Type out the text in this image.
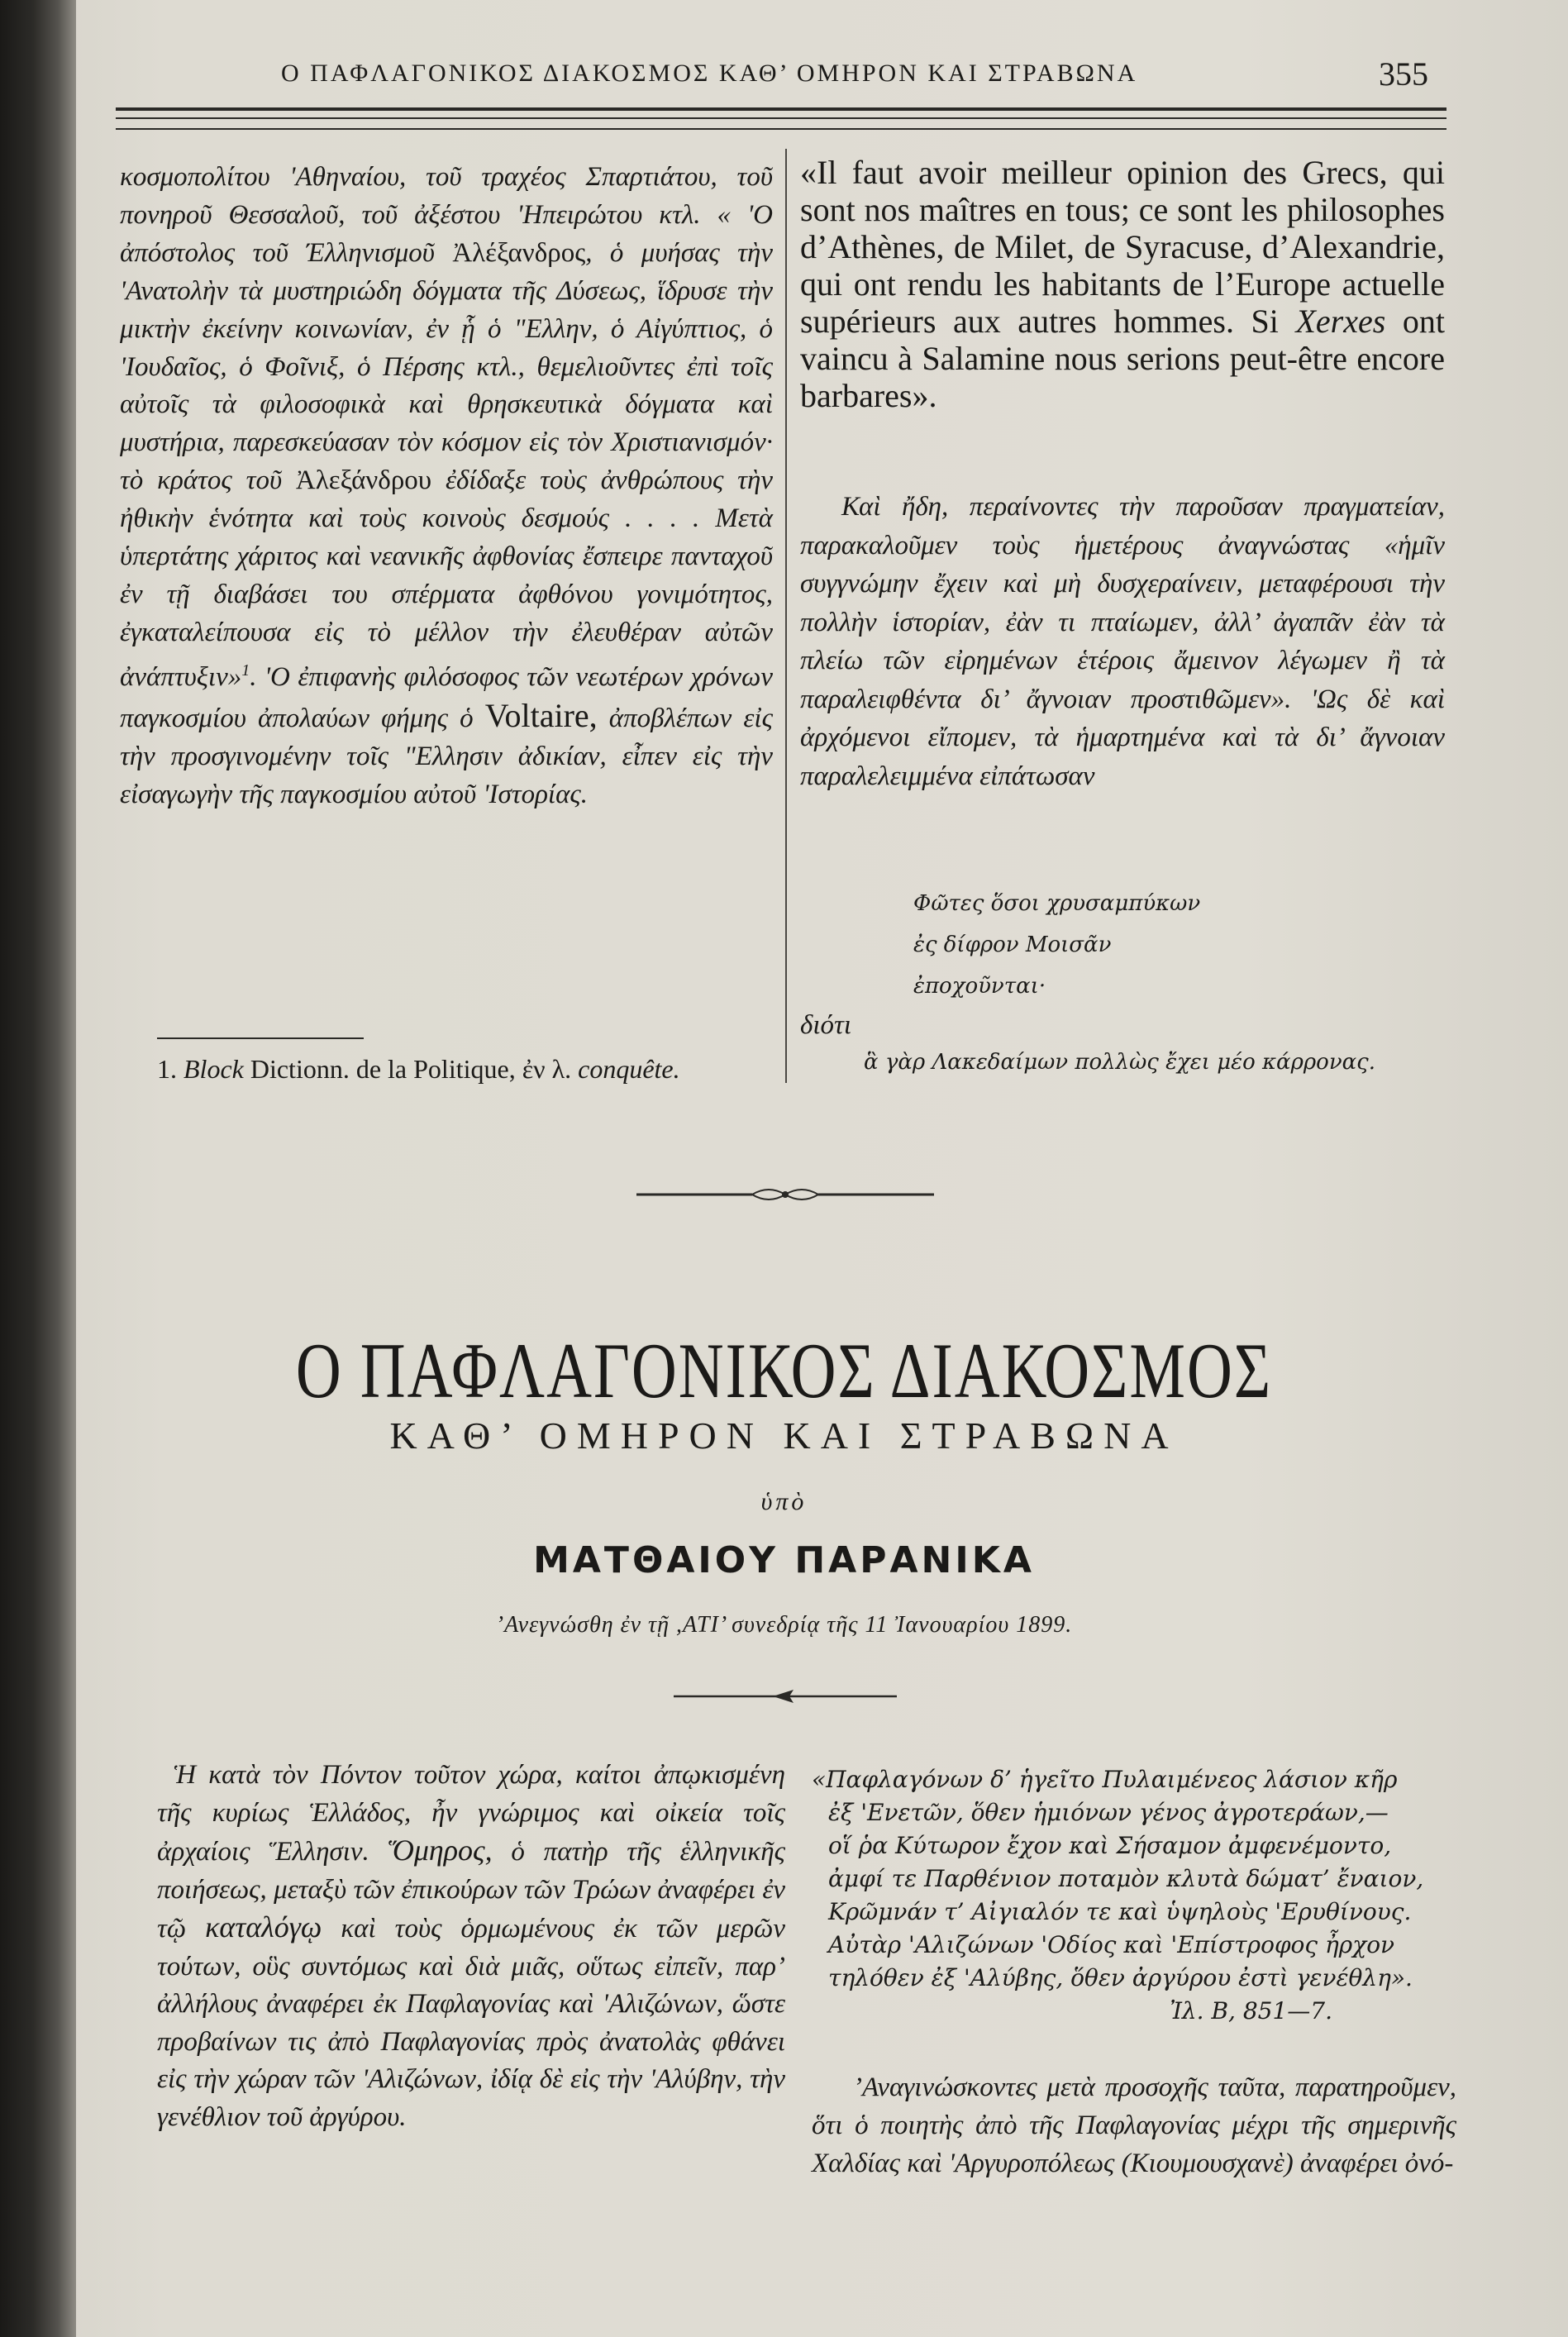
Ο ΠΑΦΛΑΓΟΝΙΚΟΣ ΔΙΑΚΟΣΜΟΣ ΚΑΘ’ ΟΜΗΡΟΝ ΚΑΙ ΣΤΡΑΒΩΝΑ	355

κοσμοπολίτου 'Αθηναίου, τοῦ τραχέος Σπαρτιάτου, τοῦ πονηροῦ Θεσσαλοῦ, τοῦ ἀξέστου 'Ηπειρώτου κτλ. « 'Ο ἀπόστολος τοῦ Έλληνισμοῦ Ἀλέξανδρος, ὁ μυήσας τὴν 'Ανατολὴν τὰ μυστηριώδη δόγματα τῆς Δύσεως, ἵδρυσε τὴν μικτὴν ἐκείνην κοινωνίαν, ἐν ᾗ ὁ "Ελλην, ὁ Αἰγύπτιος, ὁ 'Ιουδαῖος, ὁ Φοῖνιξ, ὁ Πέρσης κτλ., θεμελιοῦντες ἐπὶ τοῖς αὐτοῖς τὰ φιλοσοφικὰ καὶ θρησκευτικὰ δόγματα καὶ μυστήρια, παρεσκεύασαν τὸν κόσμον εἰς τὸν Χριστιανισμόν· τὸ κράτος τοῦ Ἀλεξάνδρου ἐδίδαξε τοὺς ἀνθρώπους τὴν ἠθικὴν ἑνότητα καὶ τοὺς κοινοὺς δεσμούς . . . . Μετὰ ὑπερτάτης χάριτος καὶ νεανικῆς ἀφθονίας ἔσπειρε πανταχοῦ ἐν τῇ διαβάσει του σπέρματα ἀφθόνου γονιμότητος, ἐγκαταλείπουσα εἰς τὸ μέλλον τὴν ἐλευθέραν αὐτῶν ἀνάπτυξιν»$^1$. 'Ο ἐπιφανὴς φιλόσοφος τῶν νεωτέρων χρόνων παγκοσμίου ἀπολαύων φήμης ὁ Voltaire, ἀποβλέπων εἰς τὴν προσγινομένην τοῖς "Ελλησιν ἀδικίαν, εἶπεν εἰς τὴν εἰσαγωγὴν τῆς παγκοσμίου αὐτοῦ 'Ιστορίας.

1. Block Dictionn. de la Politique, ἐν λ. conquête.

«Il faut avoir meilleur opinion des Grecs, qui sont nos maîtres en tous; ce sont les philosophes d’Athènes, de Milet, de Syracuse, d’Alexandrie, qui ont rendu les habitants de l’Europe actuelle supérieurs aux autres hommes. Si Xerxes ont vaincu à Salamine nous serions peut-être encore barbares».

Καὶ ἤδη, περαίνοντες τὴν παροῦσαν πραγματείαν, παρακαλοῦμεν τοὺς ἡμετέρους ἀναγνώστας «ἡμῖν συγγνώμην ἔχειν καὶ μὴ δυσχεραίνειν, μεταφέρουσι τὴν πολλὴν ἱστορίαν, ἐὰν τι πταίωμεν, ἀλλ’ ἀγαπᾶν ἐὰν τὰ πλείω τῶν εἰρημένων ἑτέροις ἄμεινον λέγωμεν ἢ τὰ παραλειφθέντα δι’ ἄγνοιαν προστιθῶμεν». 'Ως δὲ καὶ ἀρχόμενοι εἴπομεν, τὰ ἡμαρτημένα καὶ τὰ δι’ ἄγνοιαν παραλελειμμένα εἰπάτωσαν

Φῶτες ὅσοι χρυσαμπύκων
ἐς δίφρον Μοισᾶν
ἐποχοῦνται·
διότι
ἃ γὰρ Λακεδαίμων πολλὼς ἔχει μέο κάρρονας.
Ο ΠΑΦΛΑΓΟΝΙΚΟΣ ΔΙΑΚΟΣΜΟΣ
ΚΑΘ’ ΟΜΗΡΟΝ ΚΑΙ ΣΤΡΑΒΩΝΑ
ὑπὸ
ΜΑΤΘΑΙΟΥ ΠΑΡΑΝΙΚΑ
’Ανεγνώσθη ἐν τῇ ,ΑΤΙ’ συνεδρίᾳ τῆς 11 Ἰανουαρίου 1899.
Ἡ κατὰ τὸν Πόντον τοῦτον χώρα, καίτοι ἀπῳκισμένη τῆς κυρίως Ἑλλάδος, ἦν γνώριμος καὶ οἰκεία τοῖς ἀρχαίοις Ἕλλησιν. Ὅμηρος, ὁ πατὴρ τῆς ἑλληνικῆς ποιήσεως, μεταξὺ τῶν ἐπικούρων τῶν Τρώων ἀναφέρει ἐν τῷ καταλόγῳ καὶ τοὺς ὁρμωμένους ἐκ τῶν μερῶν τούτων, οὓς συντόμως καὶ διὰ μιᾶς, οὕτως εἰπεῖν, παρ’ ἀλλήλους ἀναφέρει ἐκ Παφλαγονίας καὶ 'Αλιζώνων, ὥστε προβαίνων τις ἀπὸ Παφλαγονίας πρὸς ἀνατολὰς φθάνει εἰς τὴν χώραν τῶν 'Αλιζώνων, ἰδίᾳ δὲ εἰς τὴν 'Αλύβην, τὴν γενέθλιον τοῦ ἀργύρου.
«Παφλαγόνων δ’ ἡγεῖτο Πυλαιμένεος λάσιον κῆρ
ἐξ 'Ενετῶν, ὅθεν ἡμιόνων γένος ἀγροτεράων,—
οἵ ῥα Κύτωρον ἔχον καὶ Σήσαμον ἀμφενέμοντο,
ἀμφί τε Παρθένιον ποταμὸν κλυτὰ δώματ’ ἔναιον,
Κρῶμνάν τ’ Αἰγιαλόν τε καὶ ὑψηλοὺς 'Ερυθίνους.
Αὐτὰρ 'Αλιζώνων 'Οδίος καὶ 'Επίστροφος ἦρχον
τηλόθεν ἐξ 'Αλύβης, ὅθεν ἀργύρου ἐστὶ γενέθλη».
Ἰλ. Β, 851—7.
’Αναγινώσκοντες μετὰ προσοχῆς ταῦτα, παρατηροῦμεν, ὅτι ὁ ποιητὴς ἀπὸ τῆς Παφλαγονίας μέχρι τῆς σημερινῆς Χαλδίας καὶ 'Αργυροπόλεως (Κιουμουσχανὲ) ἀναφέρει ὀνό-
